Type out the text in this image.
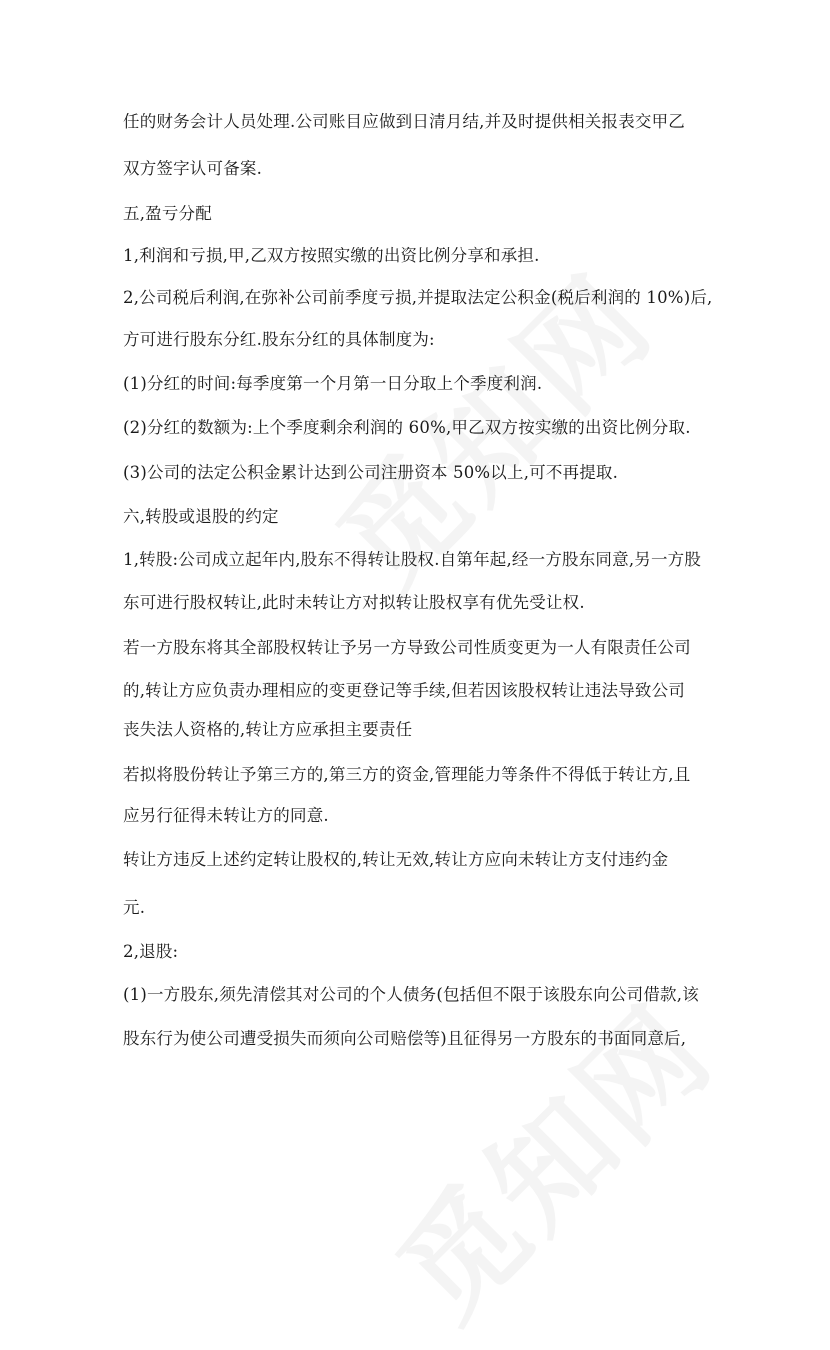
任的财务会计人员处理.公司账目应做到日清月结,并及时提供相关报表交甲乙
双方签字认可备案.
五,盈亏分配
1,利润和亏损,甲,乙双方按照实缴的出资比例分享和承担.
2,公司税后利润,在弥补公司前季度亏损,并提取法定公积金(税后利润的 10%)后,
方可进行股东分红.股东分红的具体制度为:
(1)分红的时间:每季度第一个月第一日分取上个季度利润.
(2)分红的数额为:上个季度剩余利润的 60%,甲乙双方按实缴的出资比例分取.
(3)公司的法定公积金累计达到公司注册资本 50%以上,可不再提取.
六,转股或退股的约定
1,转股:公司成立起年内,股东不得转让股权.自第年起,经一方股东同意,另一方股
东可进行股权转让,此时未转让方对拟转让股权享有优先受让权.
若一方股东将其全部股权转让予另一方导致公司性质变更为一人有限责任公司
的,转让方应负责办理相应的变更登记等手续,但若因该股权转让违法导致公司
丧失法人资格的,转让方应承担主要责任
若拟将股份转让予第三方的,第三方的资金,管理能力等条件不得低于转让方,且
应另行征得未转让方的同意.
转让方违反上述约定转让股权的,转让无效,转让方应向未转让方支付违约金
元.
2,退股:
(1)一方股东,须先清偿其对公司的个人债务(包括但不限于该股东向公司借款,该
股东行为使公司遭受损失而须向公司赔偿等)且征得另一方股东的书面同意后,
